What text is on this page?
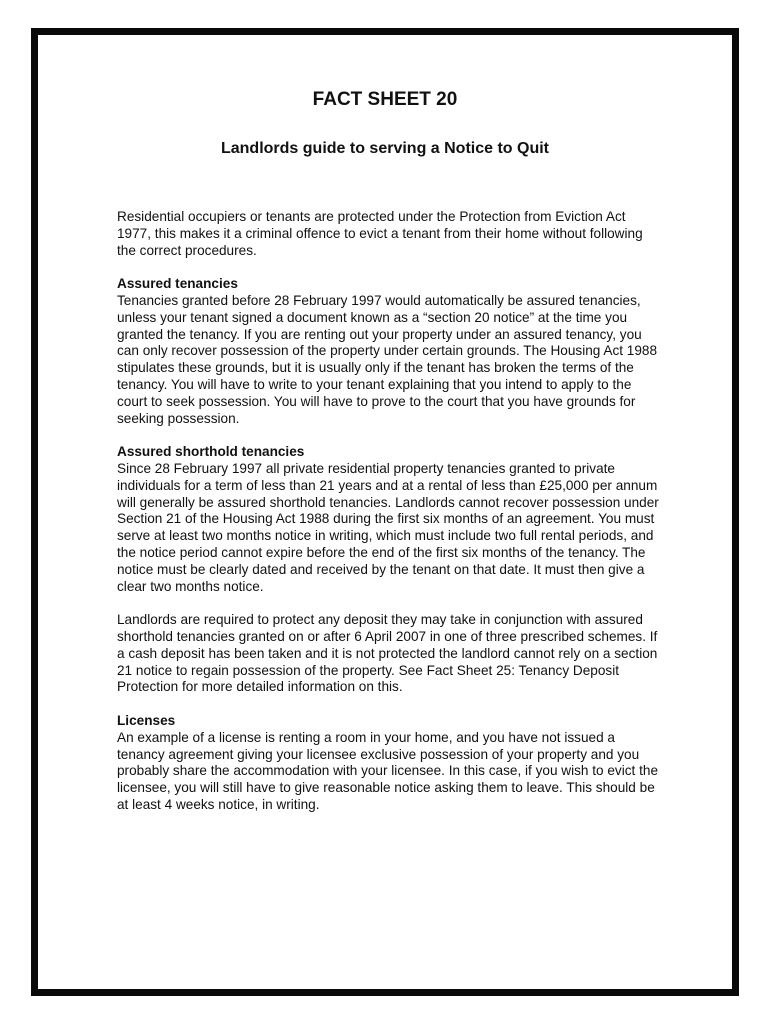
FACT SHEET 20
Landlords guide to serving a Notice to Quit

Residential occupiers or tenants are protected under the Protection from Eviction Act 1977, this makes it a criminal offence to evict a tenant from their home without following the correct procedures.

Assured tenancies
Tenancies granted before 28 February 1997 would automatically be assured tenancies, unless your tenant signed a document known as a “section 20 notice” at the time you granted the tenancy. If you are renting out your property under an assured tenancy, you can only recover possession of the property under certain grounds. The Housing Act 1988 stipulates these grounds, but it is usually only if the tenant has broken the terms of the tenancy. You will have to write to your tenant explaining that you intend to apply to the court to seek possession. You will have to prove to the court that you have grounds for seeking possession.
Assured shorthold tenancies
Since 28 February 1997 all private residential property tenancies granted to private individuals for a term of less than 21 years and at a rental of less than £25,000 per annum will generally be assured shorthold tenancies. Landlords cannot recover possession under Section 21 of the Housing Act 1988 during the first six months of an agreement. You must serve at least two months notice in writing, which must include two full rental periods, and the notice period cannot expire before the end of the first six months of the tenancy. The notice must be clearly dated and received by the tenant on that date. It must then give a clear two months notice.
Landlords are required to protect any deposit they may take in conjunction with assured shorthold tenancies granted on or after 6 April 2007 in one of three prescribed schemes. If a cash deposit has been taken and it is not protected the landlord cannot rely on a section 21 notice to regain possession of the property. See Fact Sheet 25: Tenancy Deposit Protection for more detailed information on this.
Licenses
An example of a license is renting a room in your home, and you have not issued a tenancy agreement giving your licensee exclusive possession of your property and you probably share the accommodation with your licensee. In this case, if you wish to evict the licensee, you will still have to give reasonable notice asking them to leave. This should be at least 4 weeks notice, in writing.
